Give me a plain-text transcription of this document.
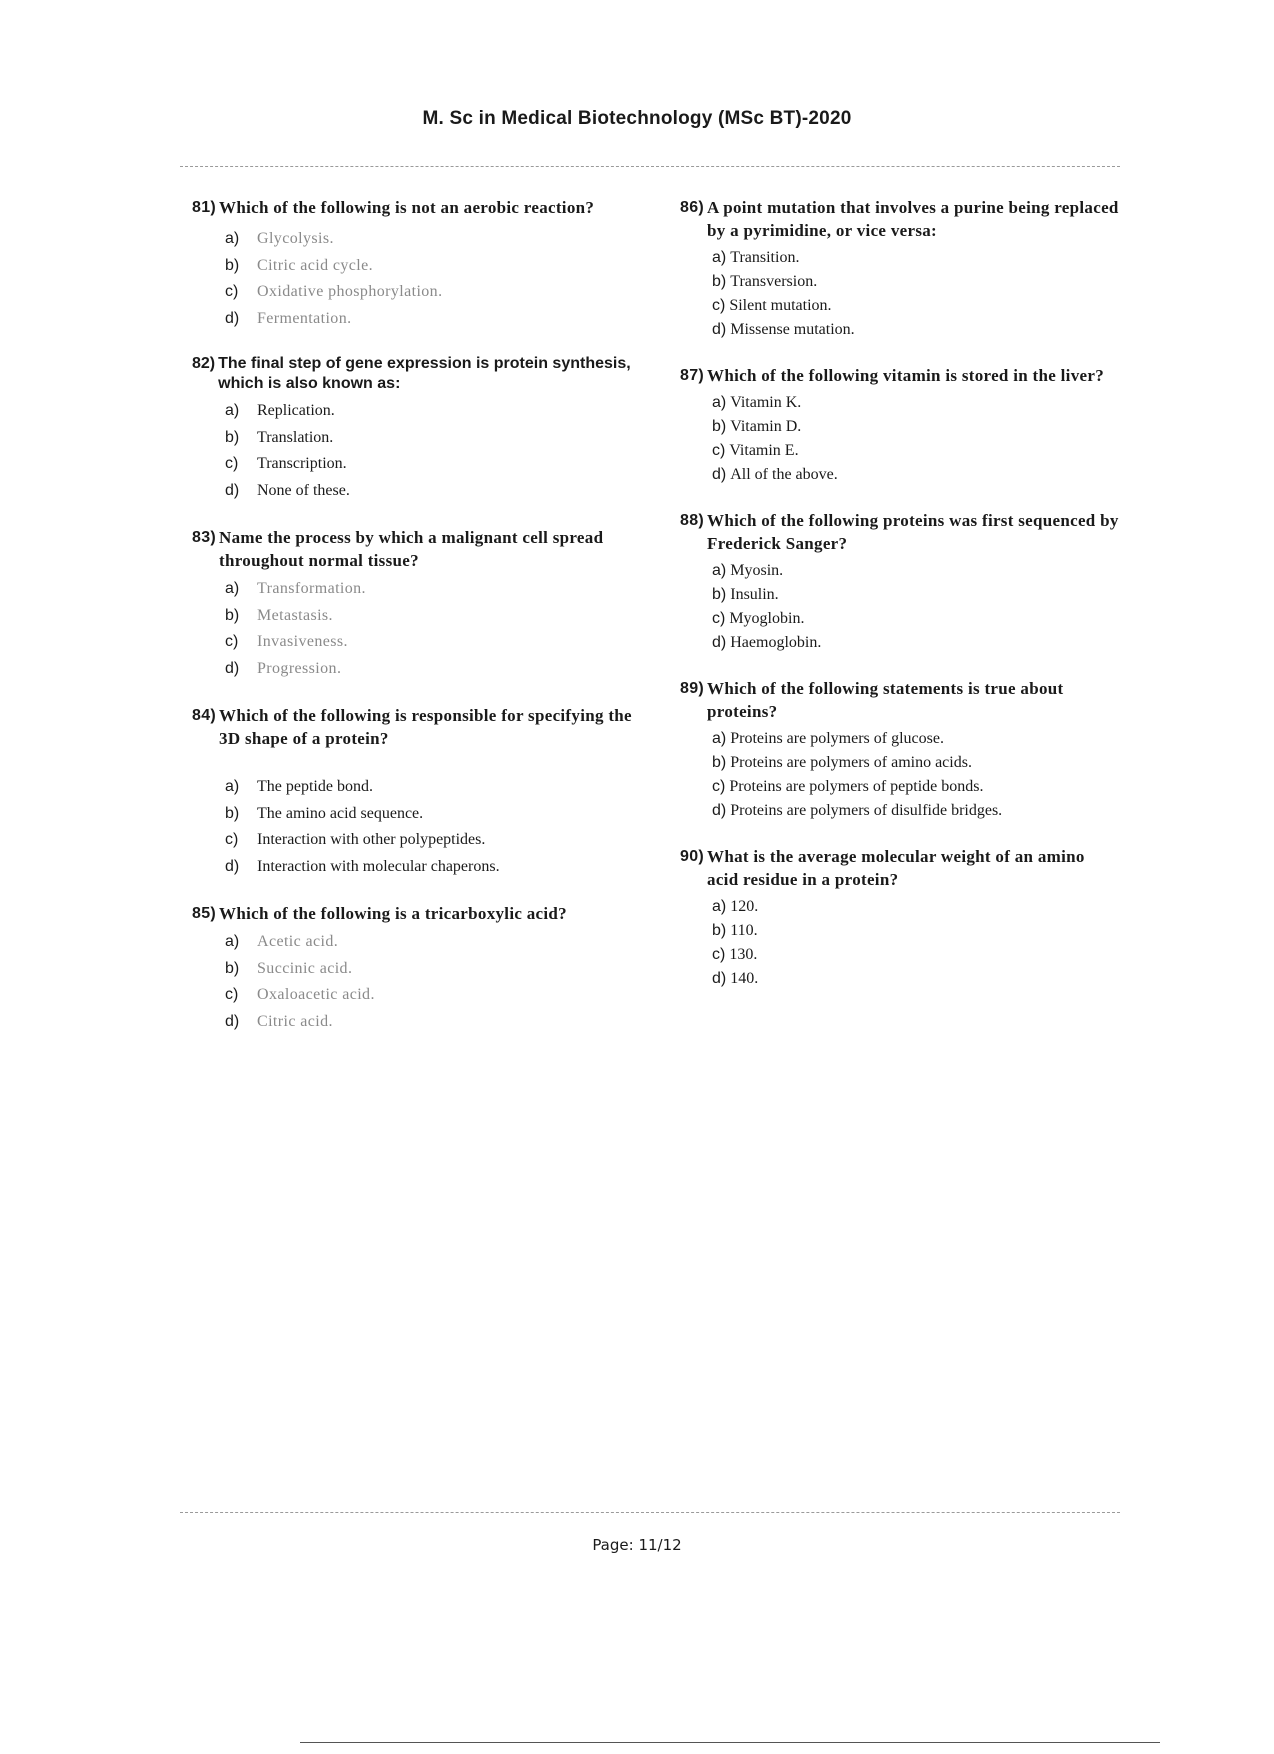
M. Sc in Medical Biotechnology (MSc BT)-2020
81) Which of the following is not an aerobic reaction?
a)	Glycolysis.
b)	Citric acid cycle.
c)	Oxidative phosphorylation.
d)	Fermentation.
82) The final step of gene expression is protein synthesis, which is also known as:
a)	Replication.
b)	Translation.
c)	Transcription.
d)	None of these.
83) Name the process by which a malignant cell spread throughout normal tissue?
a)	Transformation.
b)	Metastasis.
c)	Invasiveness.
d)	Progression.
84) Which of the following is responsible for specifying the 3D shape of a protein?
a)	The peptide bond.
b)	The amino acid sequence.
c)	Interaction with other polypeptides.
d)	Interaction with molecular chaperons.
85) Which of the following is a tricarboxylic acid?
a)	Acetic acid.
b)	Succinic acid.
c)	Oxaloacetic acid.
d)	Citric acid.
86) A point mutation that involves a purine being replaced by a pyrimidine, or vice versa:
a) Transition.
b) Transversion.
c) Silent mutation.
d) Missense mutation.
87) Which of the following vitamin is stored in the liver?
a) Vitamin K.
b) Vitamin D.
c) Vitamin E.
d) All of the above.
88) Which of the following proteins was first sequenced by Frederick Sanger?
a) Myosin.
b) Insulin.
c) Myoglobin.
d) Haemoglobin.
89) Which of the following statements is true about proteins?
a) Proteins are polymers of glucose.
b) Proteins are polymers of amino acids.
c) Proteins are polymers of peptide bonds.
d) Proteins are polymers of disulfide bridges.
90) What is the average molecular weight of an amino acid residue in a protein?
a) 120.
b) 110.
c) 130.
d) 140.
Page: 11/12
